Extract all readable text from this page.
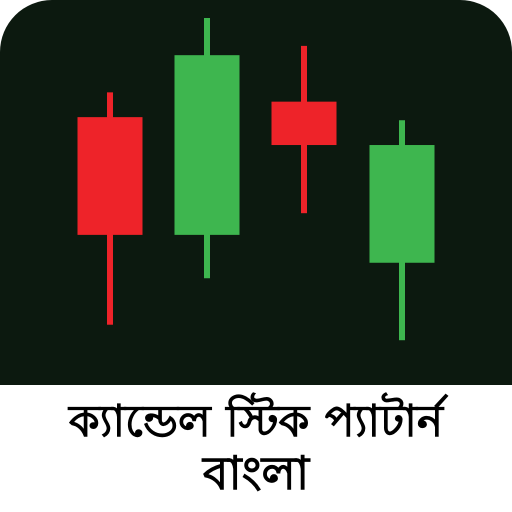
ক্যান্ডেল স্টিক প্যাটার্ন
বাংলা
